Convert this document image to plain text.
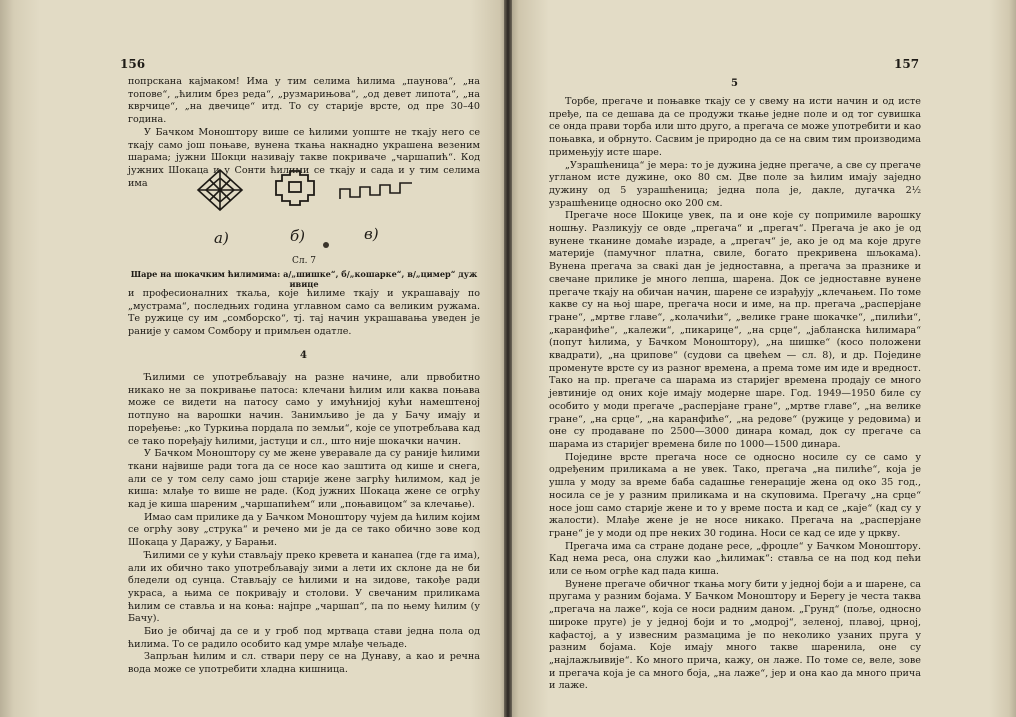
156

попрскана кајмаком! Има у тим селима ћилима „паунова“, „на топове“, „ћилим брез реда“, „рузмарињова“, „од девет липота“, „на кврчице“, „на двечице“ итд. То су старије врсте, од пре 30–40 година.

У Бачком Моноштору више се ћилими уопште не ткају него се ткају само још поњаве, вунена ткања накнадно украшена везеним шарама; јужни Шокци називају такве покриваче „чаршапић“. Код јужних Шокаца и у Сонти ћилими се ткају и сада и у тим селима има

а)	б)	в)
Сл. 7
Шаре на шокачким ћилимима: а/„шишке“, б/„кошарке“, в/„цимер“ дуж ивице

и професионалних ткаља, које ћилиме ткају и украшавају по „мустрама“, последњих година углавном само са великим ружама. Те ружице су им „сомборско“, тј. тај начин украшавања уведен је раније у самом Сомбору и примљен одатле.

4

Ћилими се употребљавају на разне начине, али првобитно никако не за покривање патоса: клечани ћилим или каква поњава може се видети на патосу само у имућнијој кући намештеној потпуно на варошки начин. Занимљиво је да у Бачу имају и поређење: „ко Туркиња пордала по земљи“, које се употребљава кад се тако поређају ћилими, јастуци и сл., што није шокачки начин.

У Бачком Моноштору су ме жене уверавале да су раније ћилими ткани највише ради тога да се носе као заштита од кише и снега, али се у том селу само још старије жене загрћу ћилимом, кад је киша: млађе то више не раде. (Код јужних Шокаца жене се огрћу кад је киша шареним „чаршапићем“ или „поњавицом“ за клечање).

Имао сам прилике да у Бачком Моноштору чујем да ћилим којим се огрћу зову „струка“ и речено ми је да се тако обично зове код Шокаца у Даражу, у Барањи.

Ћилими се у кући стављају преко кревета и канапеа (где га има), али их обично тако употребљавају зими а лети их склоне да не би бледели од сунца. Стављају се ћилими и на зидове, такође ради украса, а њима се покривају и столови. У свечаним приликама ћилим се ставља и на коња: најпре „чаршап“, па по њему ћилим (у Бачу).

Био је обичај да се и у гроб под мртваца стави једна пола од ћилима. То се радило особито кад умре млађе чељаде.

Запрљан ћилим и сл. ствари перу се на Дунаву, а као и речна вода може се употребити хладна кишница.

157
5

Торбе, прегаче и поњавке ткају се у свему на исти начин и од исте пређе, па се дешава да се продужи ткање једне поле и од тог сувишка се онда прави торба или што друго, а прегача се може употребити и као поњавка, и обрнуто. Сасвим је природно да се на свим тим производима примењују исте шаре.

„Узрашћеница“ је мера: то је дужина једне прегаче, а све су прегаче угланом исте дужине, око 80 см. Две поле за ћилим имају заједно дужину од 5 узрашћеница; једна пола је, дакле, дугачка 2½ узрашћенице односно око 200 см.

Прегаче носе Шокице увек, па и оне које су попримиле варошку ношњу. Разликују се овде „прегача“ и „прегач“. Прегача је ако је од вунене тканине домаће израде, а „прегач“ је, ако је од ма које друге материје (памучног платна, свиле, богато прекривена шљокама). Вунена прегача за свакi дан је једноставна, а прегача за празнике и свечане прилике је много лепша, шарена. Док се једноставне вунене прегаче ткају на обичан начин, шарене се израђују „клечањем. По томе какве су на њој шаре, прегача носи и име, на пр. прегача „расперјане гране“, „мртве главе“, „колачићи“, „велике гране шокачке“, „пилићи“, „каранфиће“, „калежи“, „пикарице“, „на срце“, „јабланска ћилимара“ (попут ћилима, у Бачком Моноштору), „на шишке“ (косо положени квадрати), „на црипове“ (судови са цвећем — сл. 8), и др. Поједине променуте врсте су из разног времена, а према томе им иде и вредност. Тако на пр. прегаче са шарама из старијег времена продају се много јевтиније од оних које имају модерне шаре. Год. 1949—1950 биле су особито у моди прегаче „расперјане гране“, „мртве главе“, „на велике гране“, „на срце“, „на каранфиће“, „на редове“ (ружице у редовима) и оне су продаване по 2500—3000 динара комад, док су прегаче са шарама из старијег времена биле по 1000—1500 динара.

Поједине врсте прегача носе се односно носиле су се само у одређеним приликама а не увек. Тако, прегача „на пилиће“, која је ушла у моду за време баба садашње генерације жена од око 35 год., носила се је у разним приликама и на скуповима. Прегачу „на срце“ носе још само старије жене и то у време поста и кад се „каје“ (кад су у жалости). Млађе жене је не носе никако. Прегача на „расперјане гране“ је у моди од пре неких 30 година. Носи се кад се иде у цркву.

Прегача има са стране додане ресе, „фроцле“ у Бачком Моноштору. Кад нема реса, она служи као „ћилимак“: ставља се на под код пећи или се њом огрће кад пада киша.

Вунене прегаче обичног ткања могу бити у једној боји а и шарене, са пругама у разним бојама. У Бачком Моноштору и Берегу је честа таква „прегача на лаже“, која се носи радним даном. „Грунд“ (поље, односно широке пруге) је у једној боји и то „модрој“, зеленој, плавој, црној, кафастој, а у извесним размацима је по неколико узаних пруга у разним бојама. Које имају много такве шаренила, оне су „најлажљивије“. Ко много прича, кажу, он лаже. По томе се, веле, зове и прегача која је са много боја, „на лаже“, јер и она као да много прича и лаже.
